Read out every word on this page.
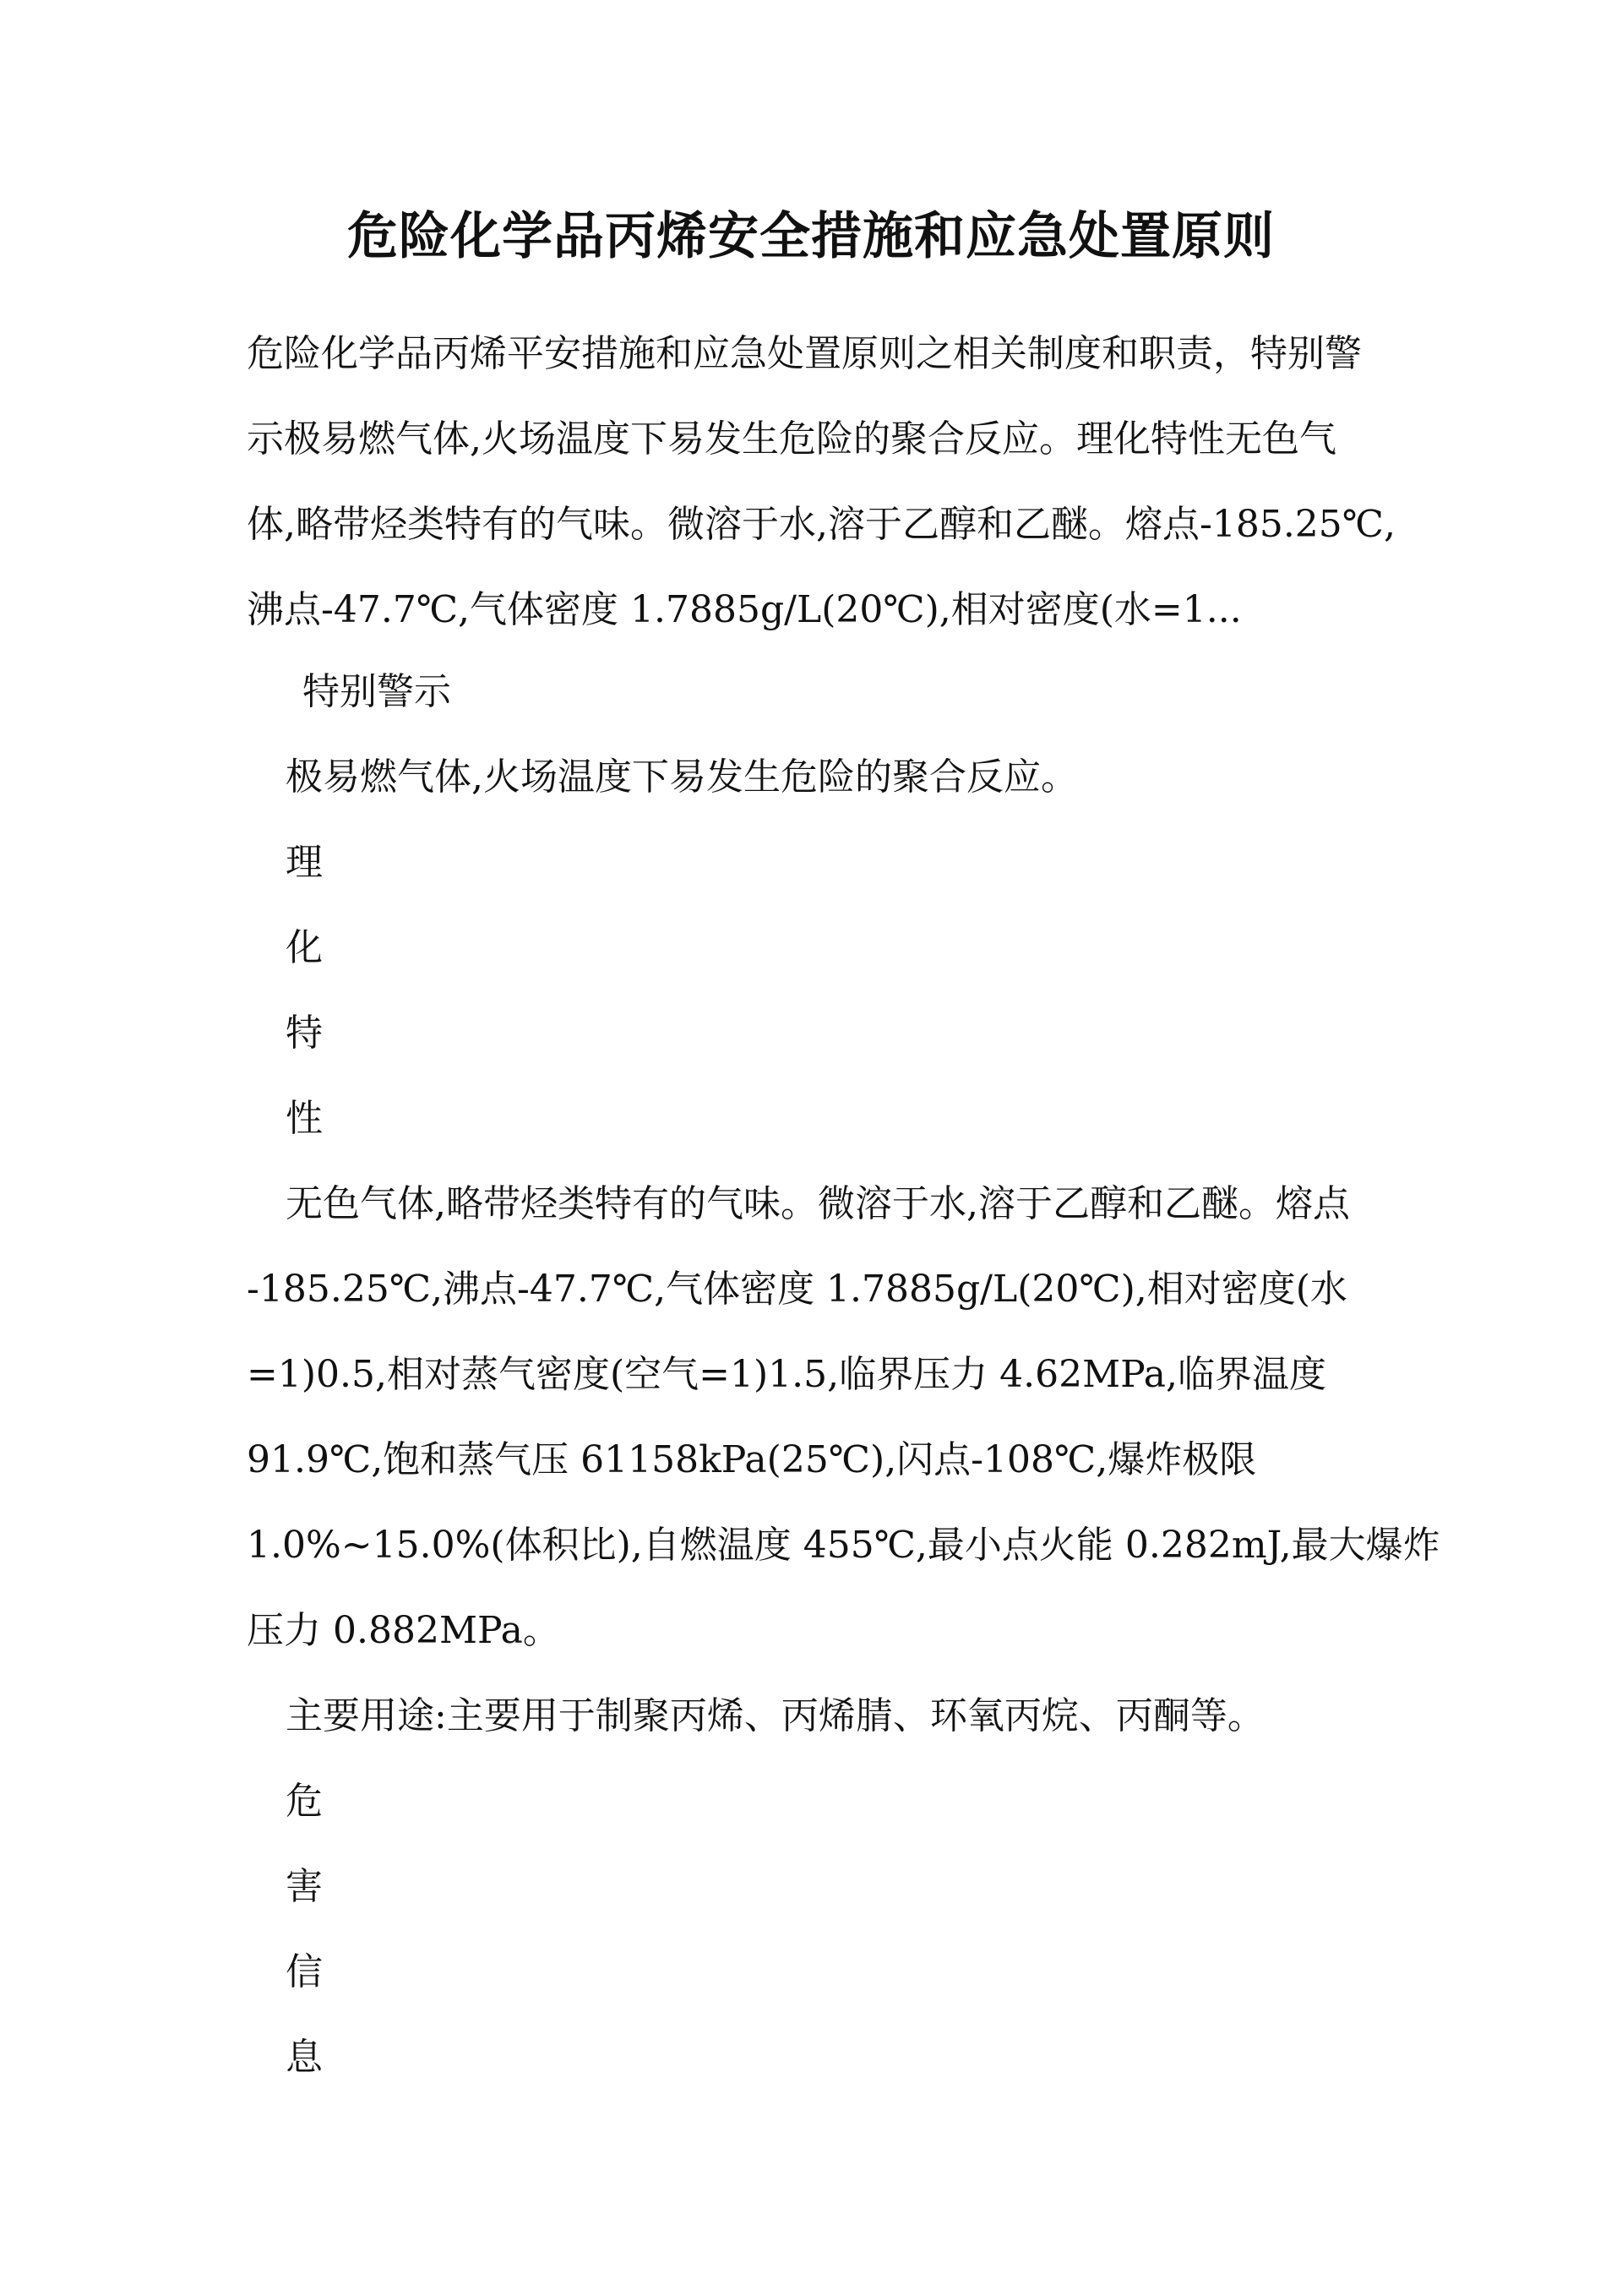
危险化学品丙烯安全措施和应急处置原则
危险化学品丙烯平安措施和应急处置原则之相关制度和职责，特别警
示极易燃气体,火场温度下易发生危险的聚合反应。理化特性无色气
体,略带烃类特有的气味。微溶于水,溶于乙醇和乙醚。熔点-185.25℃,
沸点-47.7℃,气体密度 1.7885g/L(20℃),相对密度(水=1...
特别警示
极易燃气体,火场温度下易发生危险的聚合反应。
理
化
特
性
无色气体,略带烃类特有的气味。微溶于水,溶于乙醇和乙醚。熔点
-185.25℃,沸点-47.7℃,气体密度 1.7885g/L(20℃),相对密度(水
=1)0.5,相对蒸气密度(空气=1)1.5,临界压力 4.62MPa,临界温度
91.9℃,饱和蒸气压 61158kPa(25℃),闪点-108℃,爆炸极限
1.0%~15.0%(体积比),自燃温度 455℃,最小点火能 0.282mJ,最大爆炸
压力 0.882MPa。
主要用途:主要用于制聚丙烯、丙烯腈、环氧丙烷、丙酮等。
危
害
信
息
